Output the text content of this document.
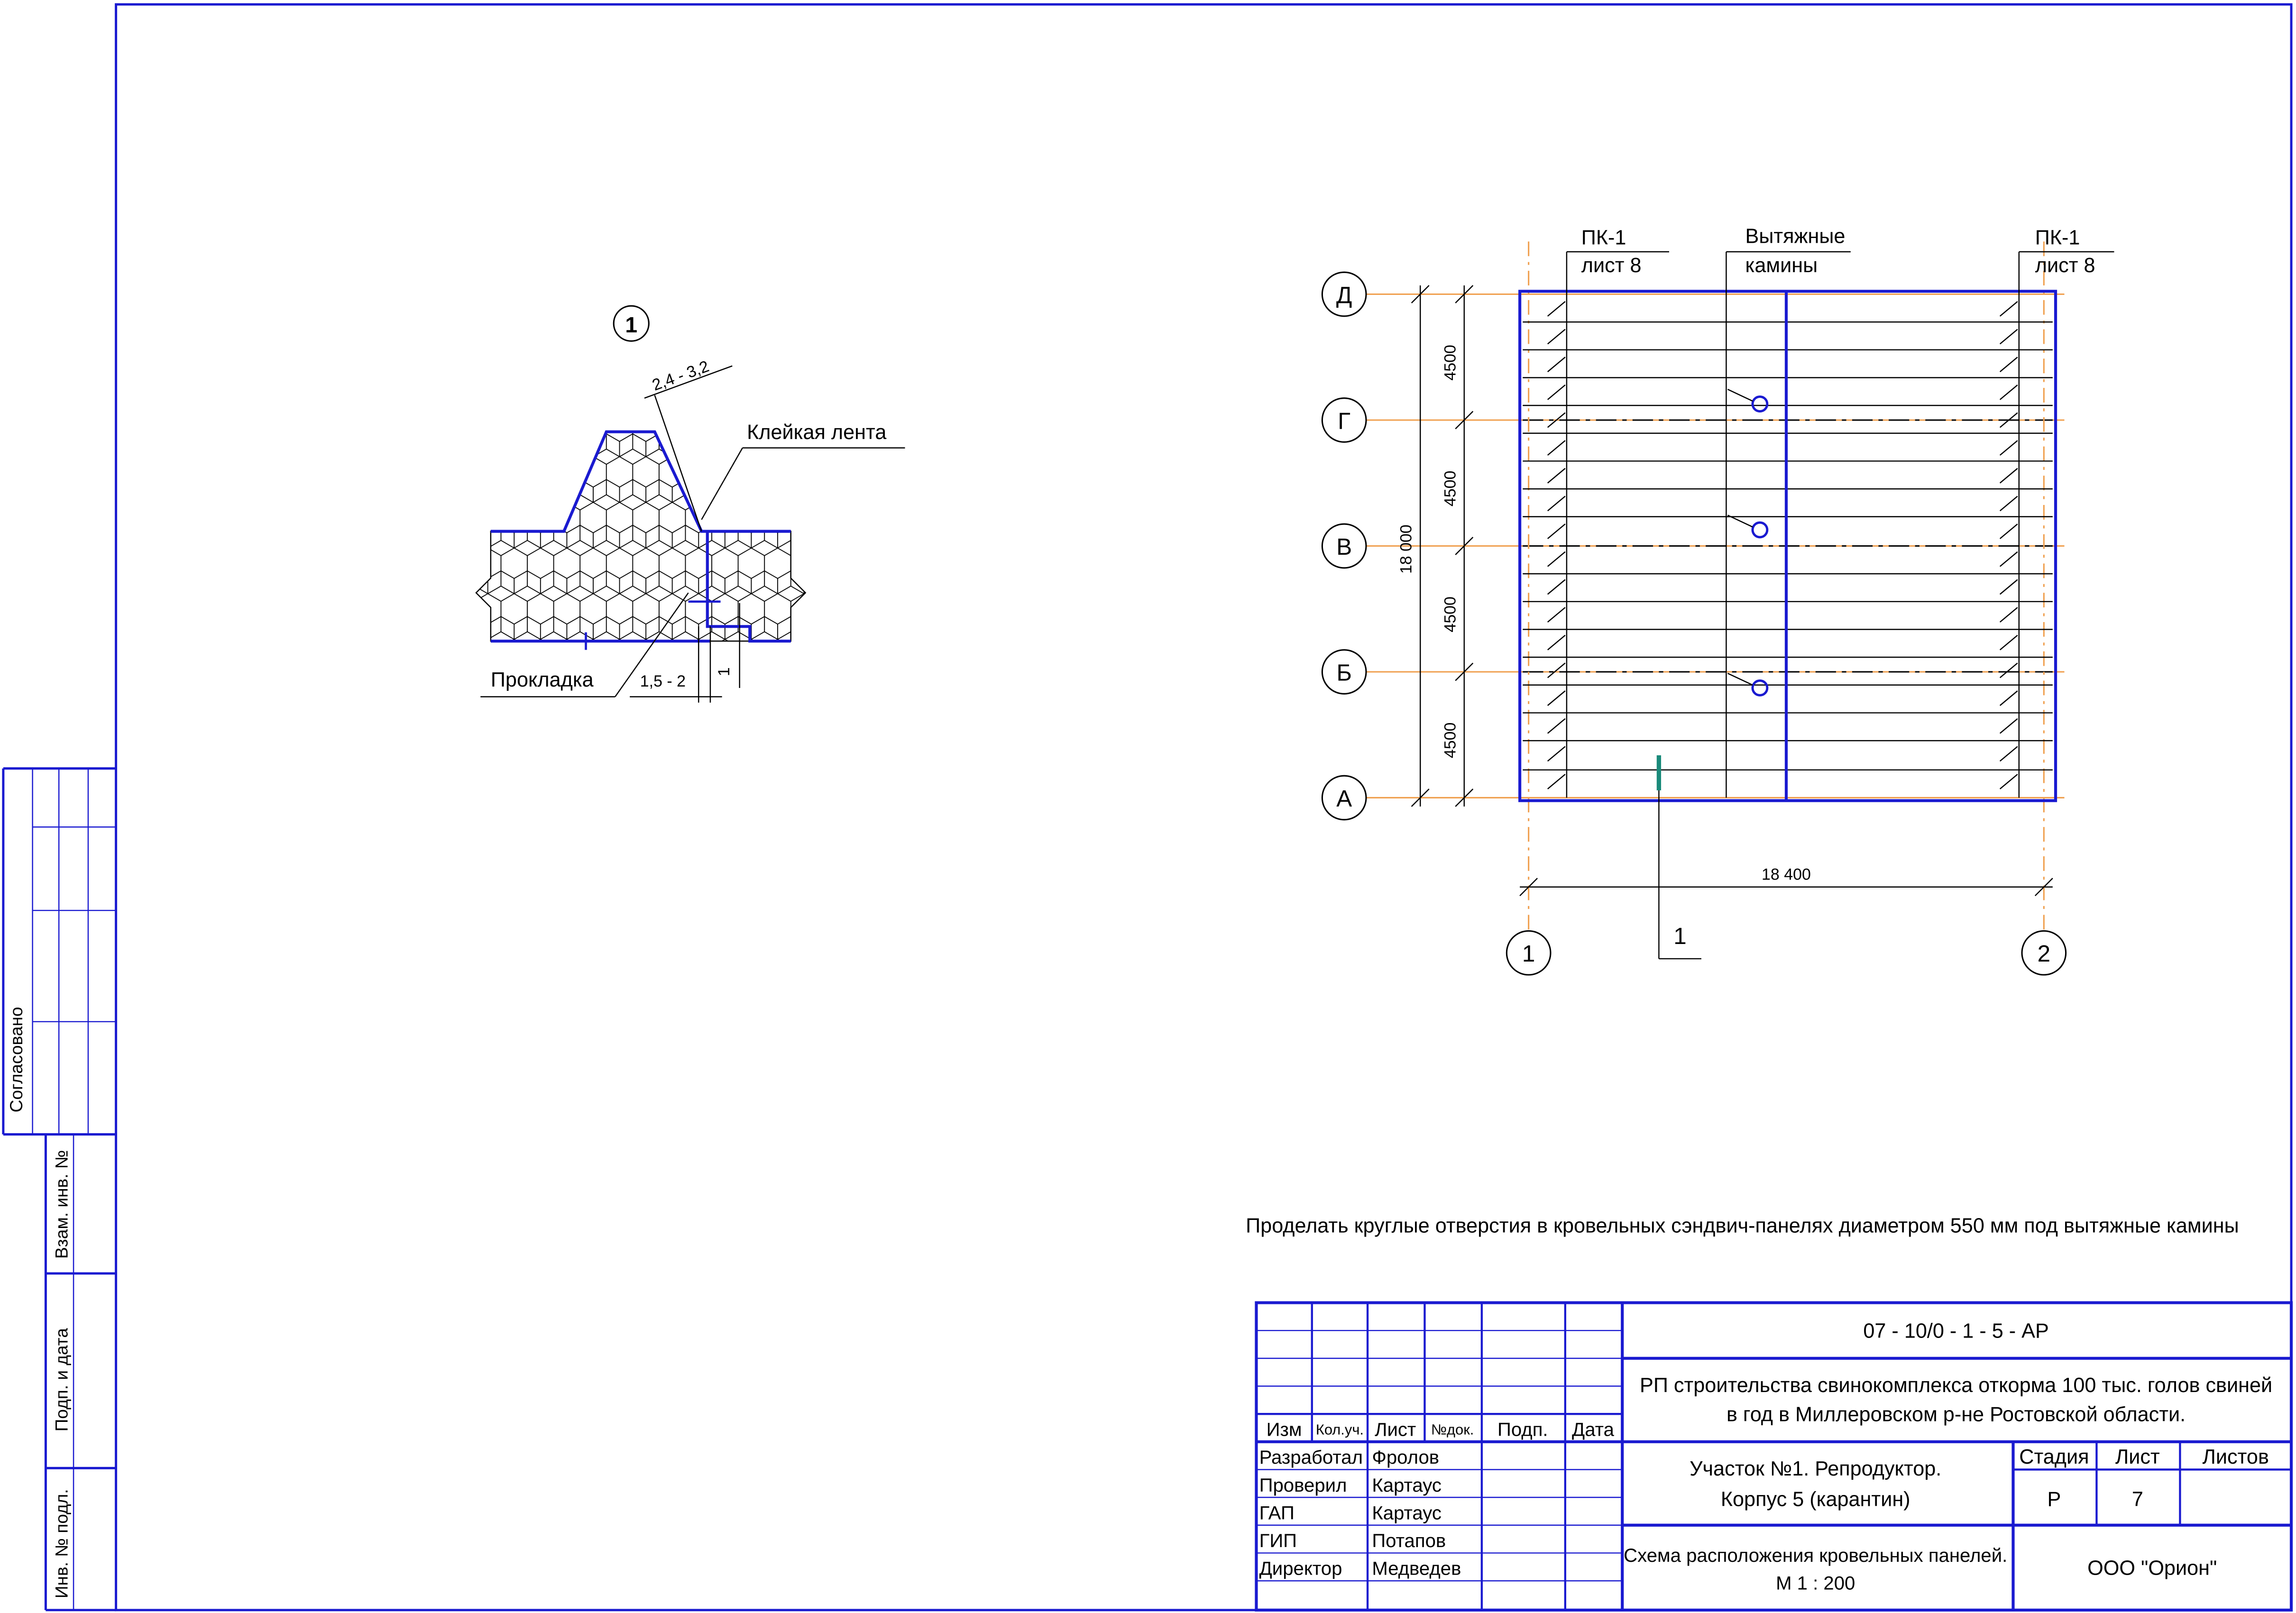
Согласовано
Взам. инв. №
Подп. и дата
Инв. № подл.
1
2,4 - 3,2
Клейкая лента
Прокладка	1,5 - 2
1
ПК-1
лист 8
Вытяжные
камины
ПК-1
лист 8
Д
Г
В
Б
А
4500
4500
4500
4500
18 000
18 400
1	2
1
Проделать круглые отверстия в кровельных сэндвич-панелях диаметром 550 мм под вытяжные камины
Изм	Кол.уч. Лист	№док.	Подп.	Дата
Разработал Фролов
Проверил	Картаус
ГАП	Картаус
ГИП	Потапов
Директор	Медведев
07 - 10/0 - 1 - 5 - АР
РП строительства свинокомплекса откорма 100 тыс. голов свиней
в год в Миллеровском р-не Ростовской области.
Участок №1. Репродуктор.
Корпус 5 (карантин)
Схема расположения кровельных панелей.
М 1 : 200
ООО "Орион"
Стадия	Лист	Листов
Р	7
